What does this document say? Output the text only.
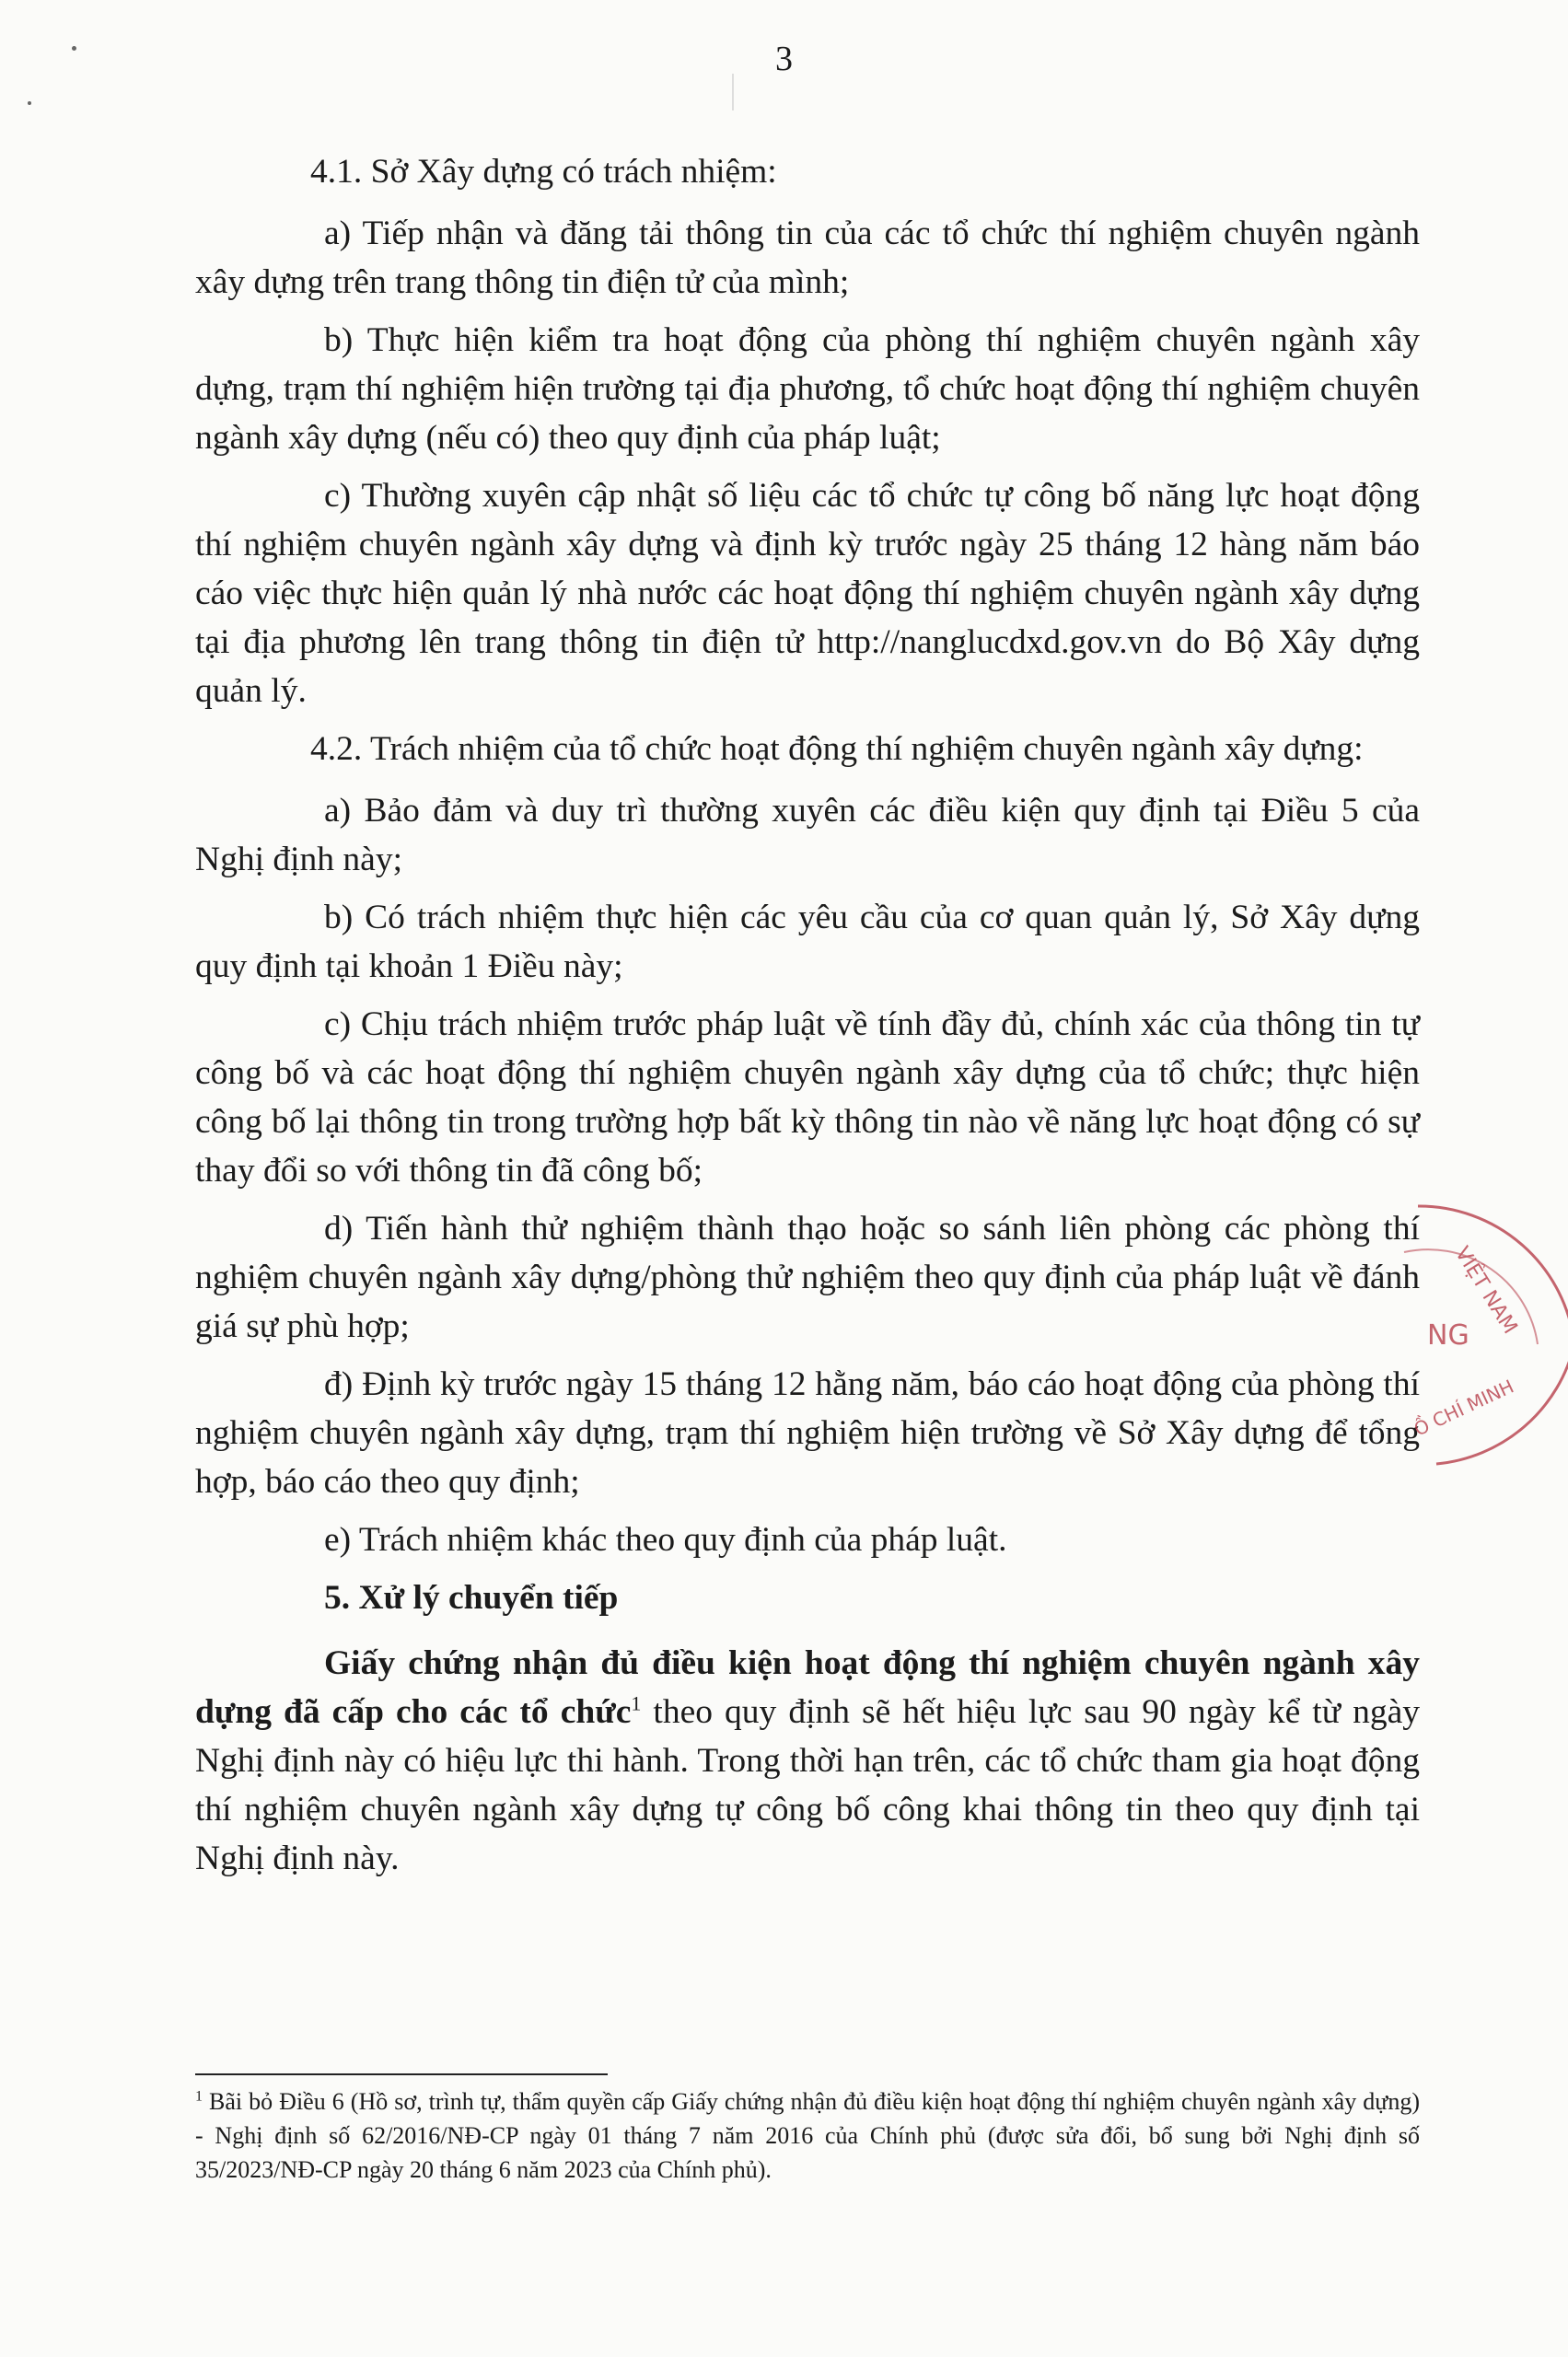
3

4.1. Sở Xây dựng có trách nhiệm:

a) Tiếp nhận và đăng tải thông tin của các tổ chức thí nghiệm chuyên ngành xây dựng trên trang thông tin điện tử của mình;

b) Thực hiện kiểm tra hoạt động của phòng thí nghiệm chuyên ngành xây dựng, trạm thí nghiệm hiện trường tại địa phương, tổ chức hoạt động thí nghiệm chuyên ngành xây dựng (nếu có) theo quy định của pháp luật;

c) Thường xuyên cập nhật số liệu các tổ chức tự công bố năng lực hoạt động thí nghiệm chuyên ngành xây dựng và định kỳ trước ngày 25 tháng 12 hàng năm báo cáo việc thực hiện quản lý nhà nước các hoạt động thí nghiệm chuyên ngành xây dựng tại địa phương lên trang thông tin điện tử http://nanglucdxd.gov.vn do Bộ Xây dựng quản lý.

4.2. Trách nhiệm của tổ chức hoạt động thí nghiệm chuyên ngành xây dựng:

a) Bảo đảm và duy trì thường xuyên các điều kiện quy định tại Điều 5 của Nghị định này;

b) Có trách nhiệm thực hiện các yêu cầu của cơ quan quản lý, Sở Xây dựng quy định tại khoản 1 Điều này;

c) Chịu trách nhiệm trước pháp luật về tính đầy đủ, chính xác của thông tin tự công bố và các hoạt động thí nghiệm chuyên ngành xây dựng của tổ chức; thực hiện công bố lại thông tin trong trường hợp bất kỳ thông tin nào về năng lực hoạt động có sự thay đổi so với thông tin đã công bố;

d) Tiến hành thử nghiệm thành thạo hoặc so sánh liên phòng các phòng thí nghiệm chuyên ngành xây dựng/phòng thử nghiệm theo quy định của pháp luật về đánh giá sự phù hợp;

đ) Định kỳ trước ngày 15 tháng 12 hằng năm, báo cáo hoạt động của phòng thí nghiệm chuyên ngành xây dựng, trạm thí nghiệm hiện trường về Sở Xây dựng để tổng hợp, báo cáo theo quy định;

e) Trách nhiệm khác theo quy định của pháp luật.

5. Xử lý chuyển tiếp

Giấy chứng nhận đủ điều kiện hoạt động thí nghiệm chuyên ngành xây dựng đã cấp cho các tổ chức$^1$ theo quy định sẽ hết hiệu lực sau 90 ngày kể từ ngày Nghị định này có hiệu lực thi hành. Trong thời hạn trên, các tổ chức tham gia hoạt động thí nghiệm chuyên ngành xây dựng tự công bố công khai thông tin theo quy định tại Nghị định này.

$^1$ Bãi bỏ Điều 6 (Hồ sơ, trình tự, thẩm quyền cấp Giấy chứng nhận đủ điều kiện hoạt động thí nghiệm chuyên ngành xây dựng) - Nghị định số 62/2016/NĐ-CP ngày 01 tháng 7 năm 2016 của Chính phủ (được sửa đổi, bổ sung bởi Nghị định số 35/2023/NĐ-CP ngày 20 tháng 6 năm 2023 của Chính phủ).
VIỆT NAM
NG
Ồ CHÍ MINH
